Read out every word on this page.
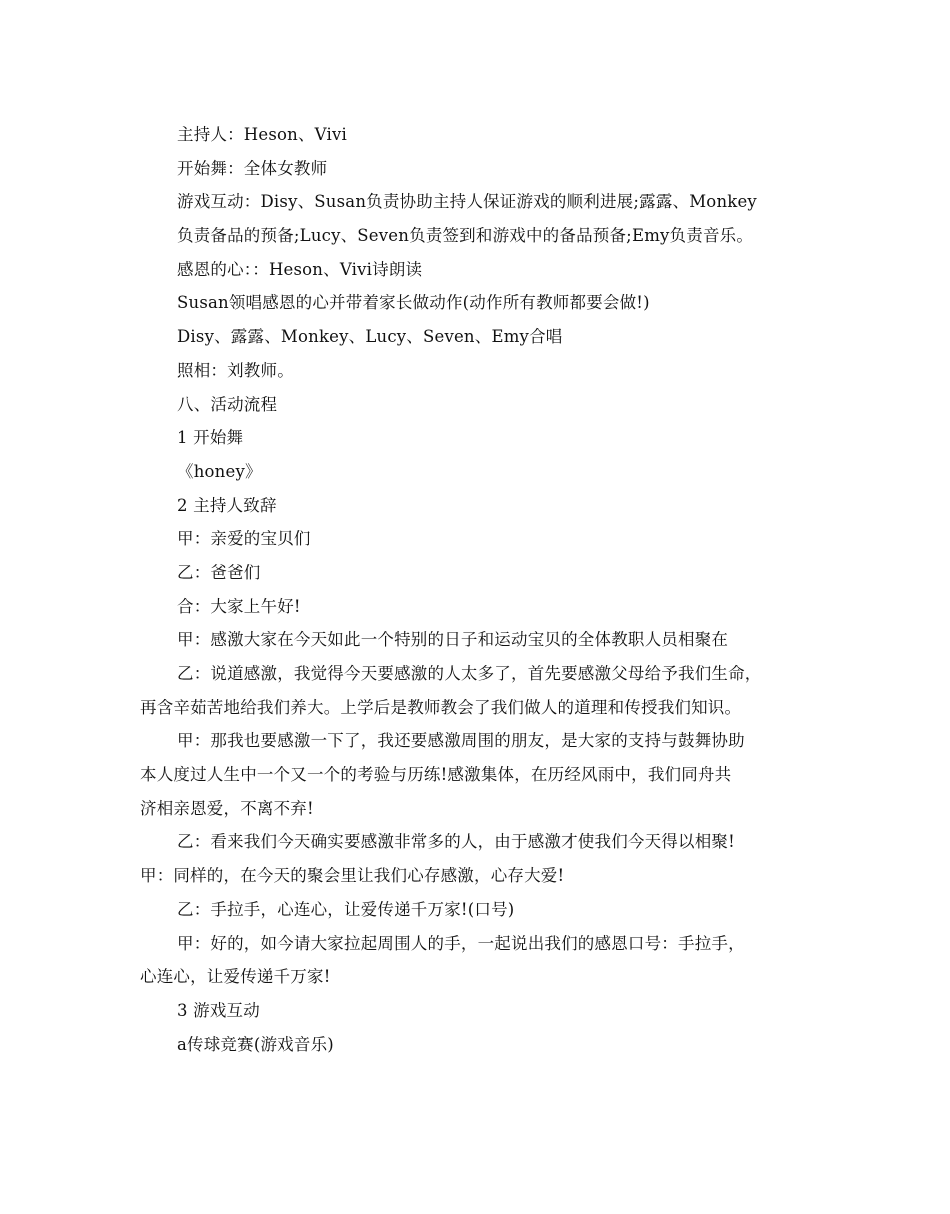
主持人：Heson、Vivi
开始舞：全体女教师
游戏互动：Disy、Susan负责协助主持人保证游戏的顺利进展;露露、Monkey
负责备品的预备;Lucy、Seven负责签到和游戏中的备品预备;Emy负责音乐。
感恩的心：：Heson、Vivi诗朗读
Susan领唱感恩的心并带着家长做动作(动作所有教师都要会做!)
Disy、露露、Monkey、Lucy、Seven、Emy合唱
照相：刘教师。
八、活动流程
1 开始舞
《honey》
2 主持人致辞
甲：亲爱的宝贝们
乙：爸爸们
合：大家上午好!
甲：感激大家在今天如此一个特别的日子和运动宝贝的全体教职人员相聚在
乙：说道感激，我觉得今天要感激的人太多了，首先要感激父母给予我们生命，
再含辛茹苦地给我们养大。上学后是教师教会了我们做人的道理和传授我们知识。
甲：那我也要感激一下了，我还要感激周围的朋友，是大家的支持与鼓舞协助
本人度过人生中一个又一个的考验与历练!感激集体，在历经风雨中，我们同舟共
济相亲恩爱，不离不弃!
乙：看来我们今天确实要感激非常多的人，由于感激才使我们今天得以相聚!
甲：同样的，在今天的聚会里让我们心存感激，心存大爱!
乙：手拉手，心连心，让爱传递千万家!(口号)
甲：好的，如今请大家拉起周围人的手，一起说出我们的感恩口号：手拉手，
心连心，让爱传递千万家!
3 游戏互动
a传球竞赛(游戏音乐)
